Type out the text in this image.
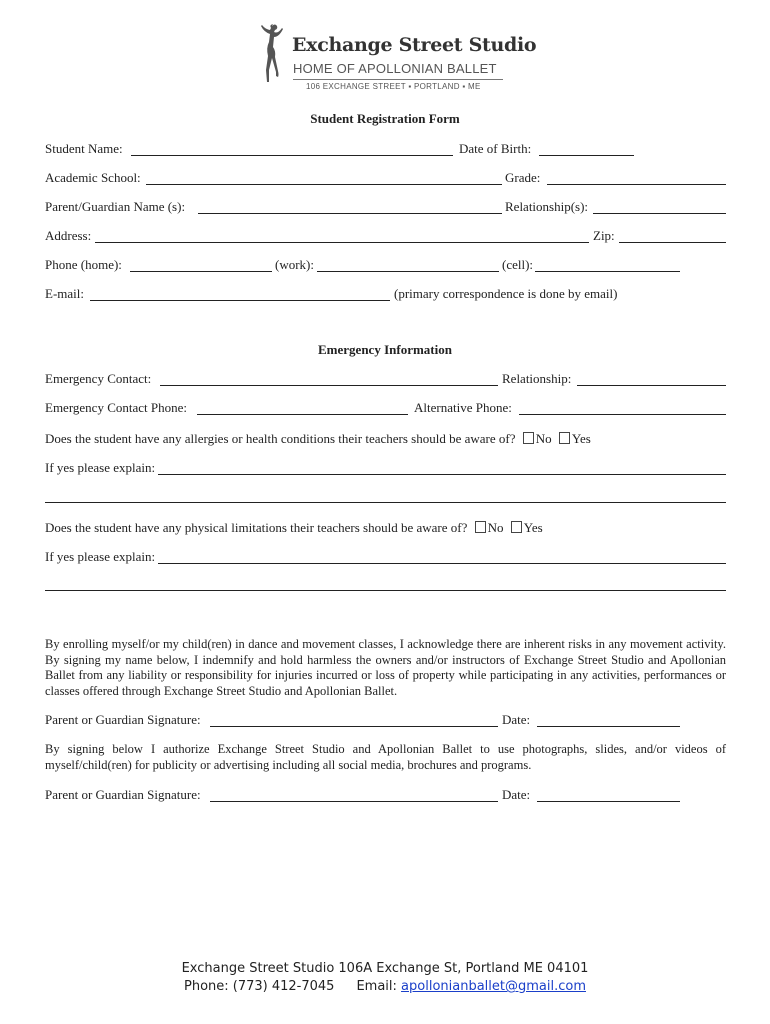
Exchange Street Studio
HOME OF APOLLONIAN BALLET
106 EXCHANGE STREET ▪ PORTLAND ▪ ME
Student Registration Form
Student Name:	Date of Birth:
Academic School:	Grade:
Parent/Guardian Name (s):	Relationship(s):
Address:	Zip:
Phone (home):	(work):	(cell):
E-mail:	(primary correspondence is done by email)
Emergency Information
Emergency Contact:	Relationship:
Emergency Contact Phone:	Alternative Phone:
Does the student have any allergies or health conditions their teachers should be aware of? No Yes
If yes please explain:
Does the student have any physical limitations their teachers should be aware of? No Yes
If yes please explain:
By enrolling myself/or my child(ren) in dance and movement classes, I acknowledge there are inherent risks in any movement activity. By signing my name below, I indemnify and hold harmless the owners and/or instructors of Exchange Street Studio and Apollonian Ballet from any liability or responsibility for injuries incurred or loss of property while participating in any activities, performances or classes offered through Exchange Street Studio and Apollonian Ballet.
Parent or Guardian Signature:	Date:
By signing below I authorize Exchange Street Studio and Apollonian Ballet to use photographs, slides, and/or videos of myself/child(ren) for publicity or advertising including all social media, brochures and programs.
Parent or Guardian Signature:	Date:
Exchange Street Studio 106A Exchange St, Portland ME 04101
Phone: (773) 412-7045 Email: apollonianballet@gmail.com
